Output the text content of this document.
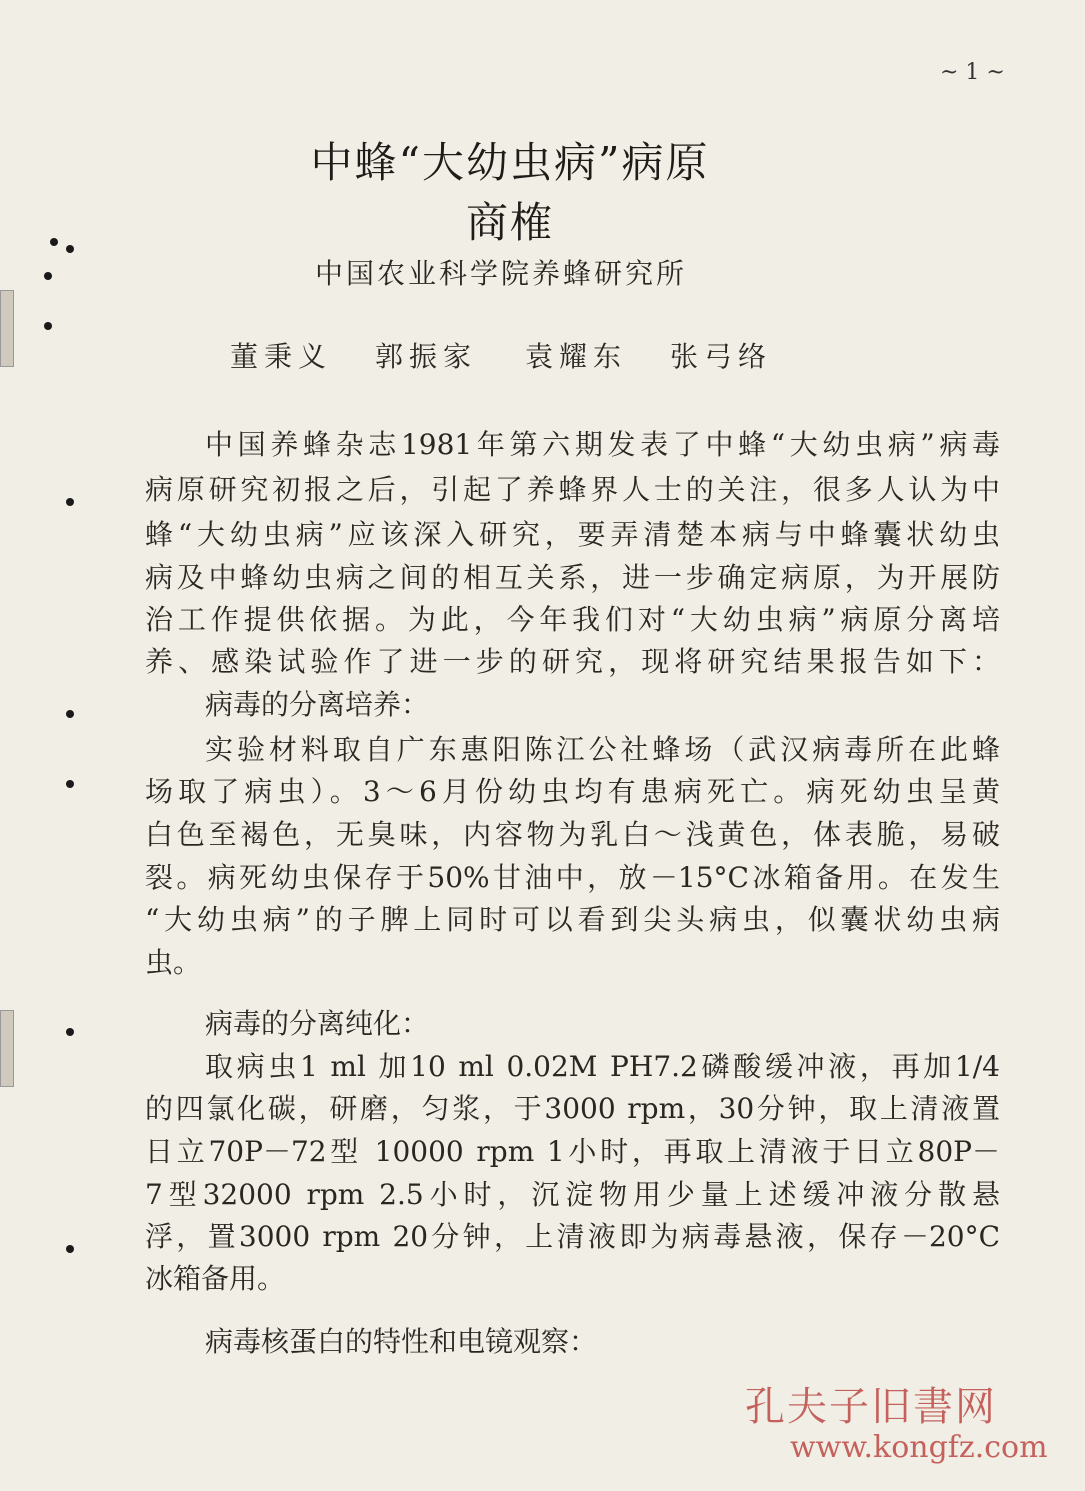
~ 1 ~
中蜂“大幼虫病”病原商榷
中国农业科学院养蜂研究所
董秉义 郭振家 袁耀东 张弓络
中国养蜂杂志1981年第六期发表了中蜂“大幼虫病”病毒
病原研究初报之后，引起了养蜂界人士的关注，很多人认为中
蜂“大幼虫病”应该深入研究，要弄清楚本病与中蜂囊状幼虫
病及中蜂幼虫病之间的相互关系，进一步确定病原，为开展防
治工作提供依据。为此，今年我们对“大幼虫病”病原分离培
养、感染试验作了进一步的研究，现将研究结果报告如下：
病毒的分离培养：
实验材料取自广东惠阳陈江公社蜂场（武汉病毒所在此蜂
场取了病虫）。3～6月份幼虫均有患病死亡。病死幼虫呈黄
白色至褐色，无臭味，内容物为乳白～浅黄色，体表脆，易破
裂。病死幼虫保存于50%甘油中，放－15°C冰箱备用。在发生
“大幼虫病”的子脾上同时可以看到尖头病虫，似囊状幼虫病
虫。
病毒的分离纯化：
取病虫1 ml 加10 ml 0.02M PH7.2磷酸缓冲液，再加1/4
的四氯化碳，研磨，匀浆，于3000 rpm，30分钟，取上清液置
日立70P－72型 10000 rpm 1小时，再取上清液于日立80P－
7型32000 rpm 2.5小时，沉淀物用少量上述缓冲液分散悬
浮，置3000 rpm 20分钟，上清液即为病毒悬液，保存－20°C
冰箱备用。
病毒核蛋白的特性和电镜观察：
孔夫子旧書网
www.kongfz.com
